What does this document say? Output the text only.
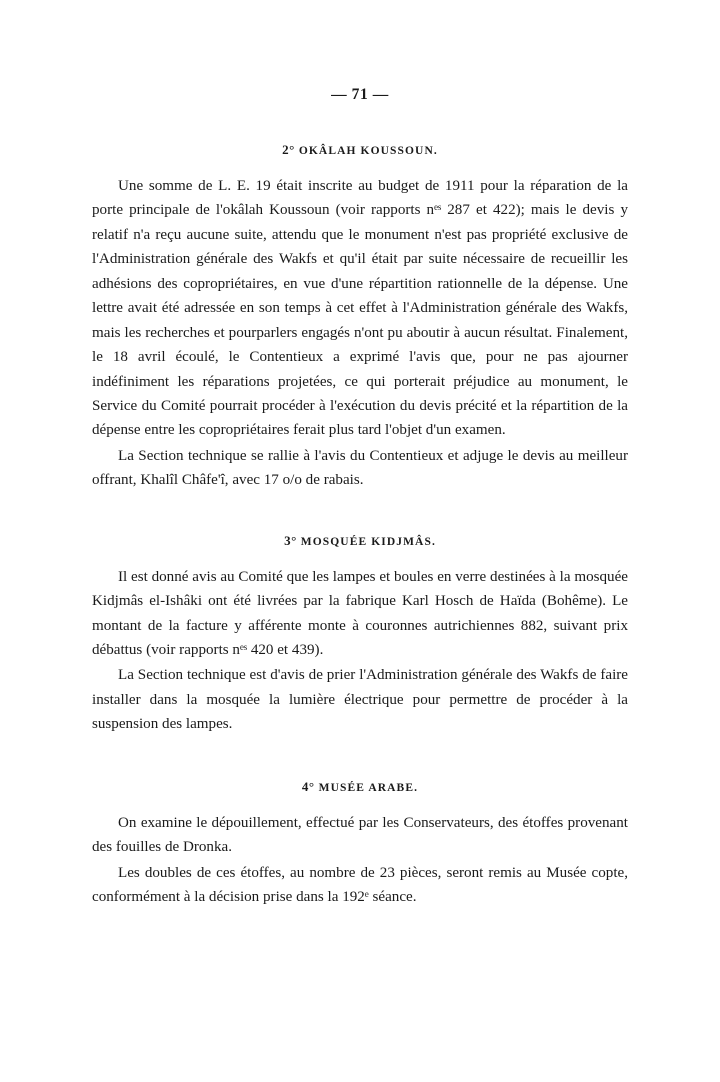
— 71 —
2° OKÂLAH KOUSSOUN.

Une somme de L. E. 19 était inscrite au budget de 1911 pour la réparation de la porte principale de l'okâlah Koussoun (voir rapports nᵉˢ 287 et 422); mais le devis y relatif n'a reçu aucune suite, attendu que le monument n'est pas propriété exclusive de l'Administration générale des Wakfs et qu'il était par suite nécessaire de recueillir les adhésions des copropriétaires, en vue d'une répartition rationnelle de la dépense. Une lettre avait été adressée en son temps à cet effet à l'Administration générale des Wakfs, mais les recherches et pourparlers engagés n'ont pu aboutir à aucun résultat. Finalement, le 18 avril écoulé, le Contentieux a exprimé l'avis que, pour ne pas ajourner indéfiniment les réparations projetées, ce qui porterait préjudice au monument, le Service du Comité pourrait procéder à l'exécution du devis précité et la répartition de la dépense entre les copropriétaires ferait plus tard l'objet d'un examen.

La Section technique se rallie à l'avis du Contentieux et adjuge le devis au meilleur offrant, Khalîl Châfe'î, avec 17 o/o de rabais.

3° MOSQUÉE KIDJMÂS.

Il est donné avis au Comité que les lampes et boules en verre destinées à la mosquée Kidjmâs el-Ishâki ont été livrées par la fabrique Karl Hosch de Haïda (Bohême). Le montant de la facture y afférente monte à couronnes autrichiennes 882, suivant prix débattus (voir rapports nᵉˢ 420 et 439).

La Section technique est d'avis de prier l'Administration générale des Wakfs de faire installer dans la mosquée la lumière électrique pour permettre de procéder à la suspension des lampes.

4° MUSÉE ARABE.

On examine le dépouillement, effectué par les Conservateurs, des étoffes provenant des fouilles de Dronka.

Les doubles de ces étoffes, au nombre de 23 pièces, seront remis au Musée copte, conformément à la décision prise dans la 192ᵉ séance.
